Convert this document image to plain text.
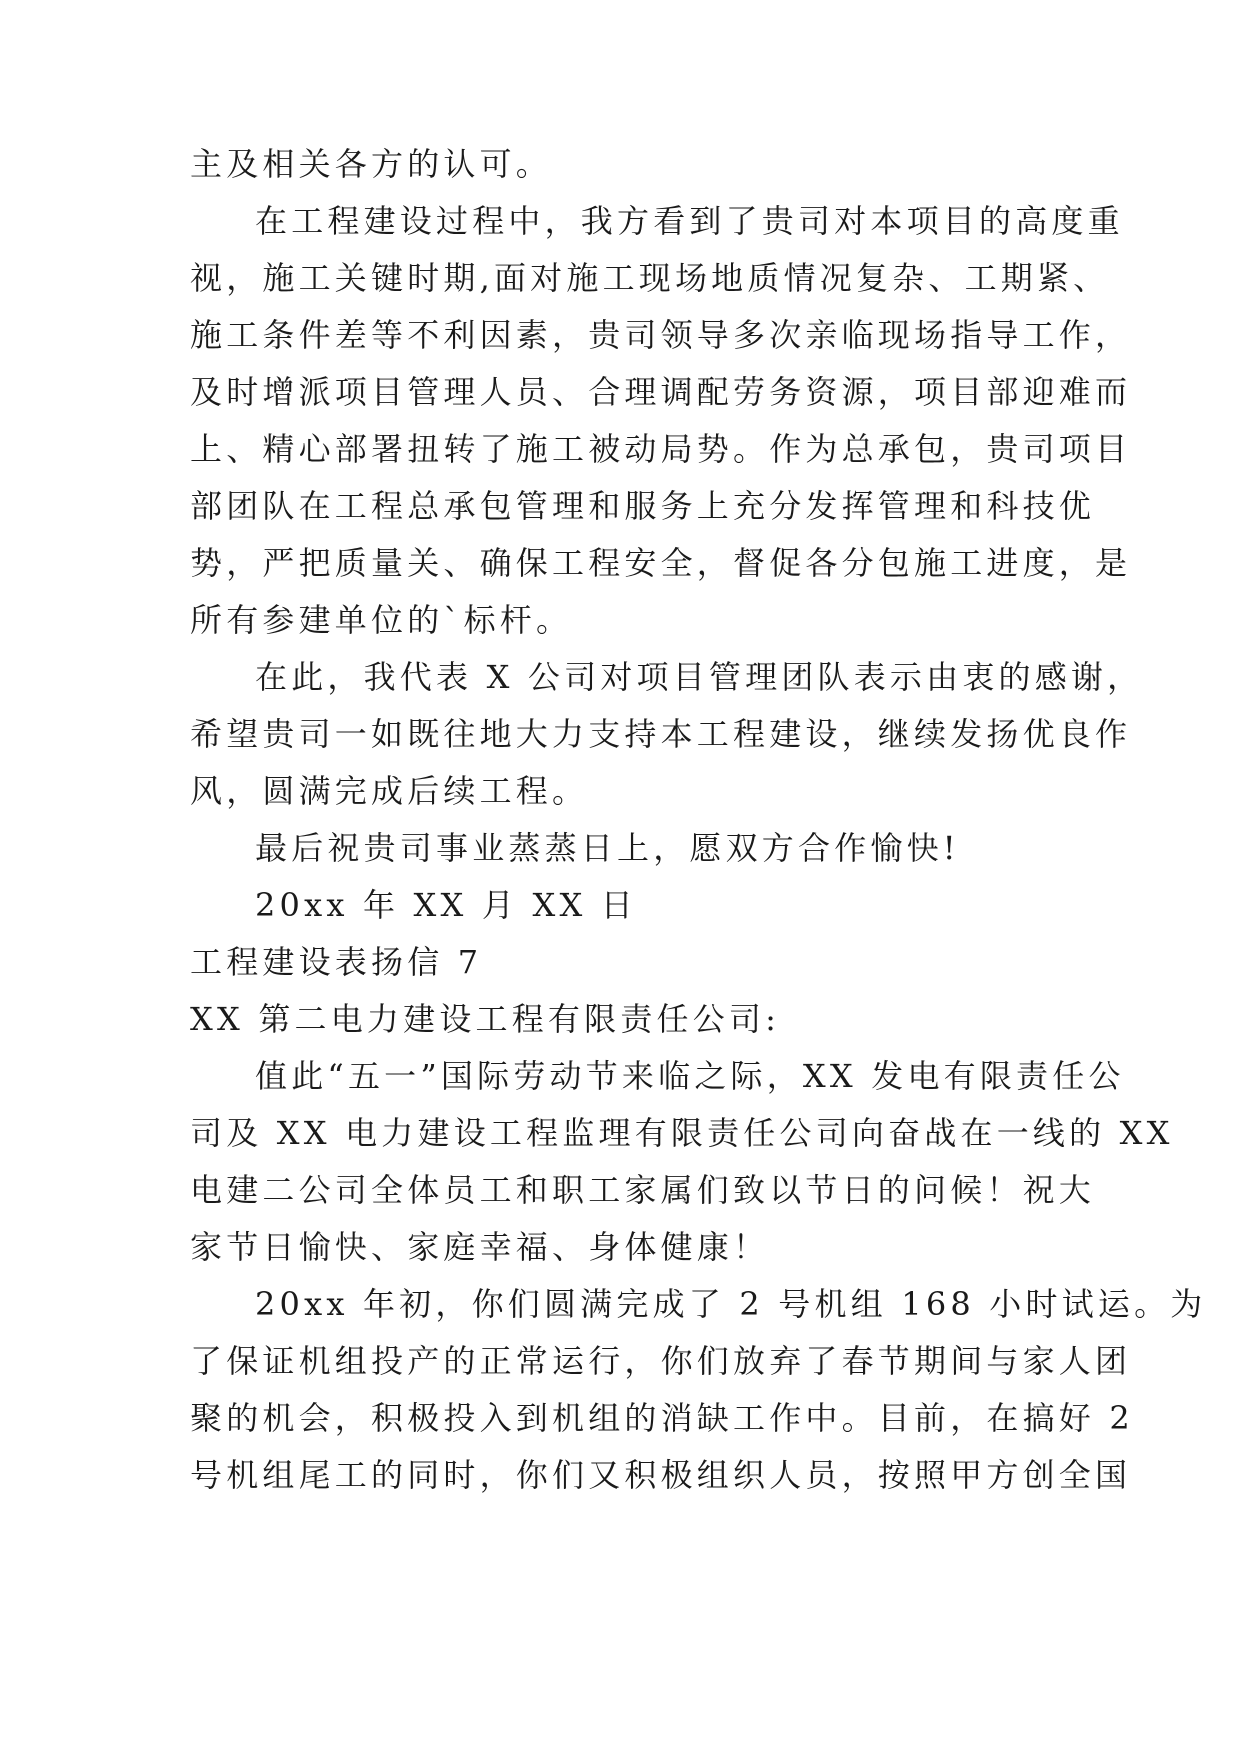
主及相关各方的认可。
在工程建设过程中，我方看到了贵司对本项目的高度重
视，施工关键时期,面对施工现场地质情况复杂、工期紧、
施工条件差等不利因素，贵司领导多次亲临现场指导工作，
及时增派项目管理人员、合理调配劳务资源，项目部迎难而
上、精心部署扭转了施工被动局势。作为总承包，贵司项目
部团队在工程总承包管理和服务上充分发挥管理和科技优
势，严把质量关、确保工程安全，督促各分包施工进度，是
所有参建单位的`标杆。
在此，我代表 X 公司对项目管理团队表示由衷的感谢，
希望贵司一如既往地大力支持本工程建设，继续发扬优良作
风，圆满完成后续工程。
最后祝贵司事业蒸蒸日上，愿双方合作愉快!
20xx 年 XX 月 XX 日
工程建设表扬信 7
XX 第二电力建设工程有限责任公司:
值此“五一”国际劳动节来临之际，XX 发电有限责任公
司及 XX 电力建设工程监理有限责任公司向奋战在一线的 XX
电建二公司全体员工和职工家属们致以节日的问候！祝大
家节日愉快、家庭幸福、身体健康！
20xx 年初，你们圆满完成了 2 号机组 168 小时试运。为
了保证机组投产的正常运行，你们放弃了春节期间与家人团
聚的机会，积极投入到机组的消缺工作中。目前，在搞好 2
号机组尾工的同时，你们又积极组织人员，按照甲方创全国
